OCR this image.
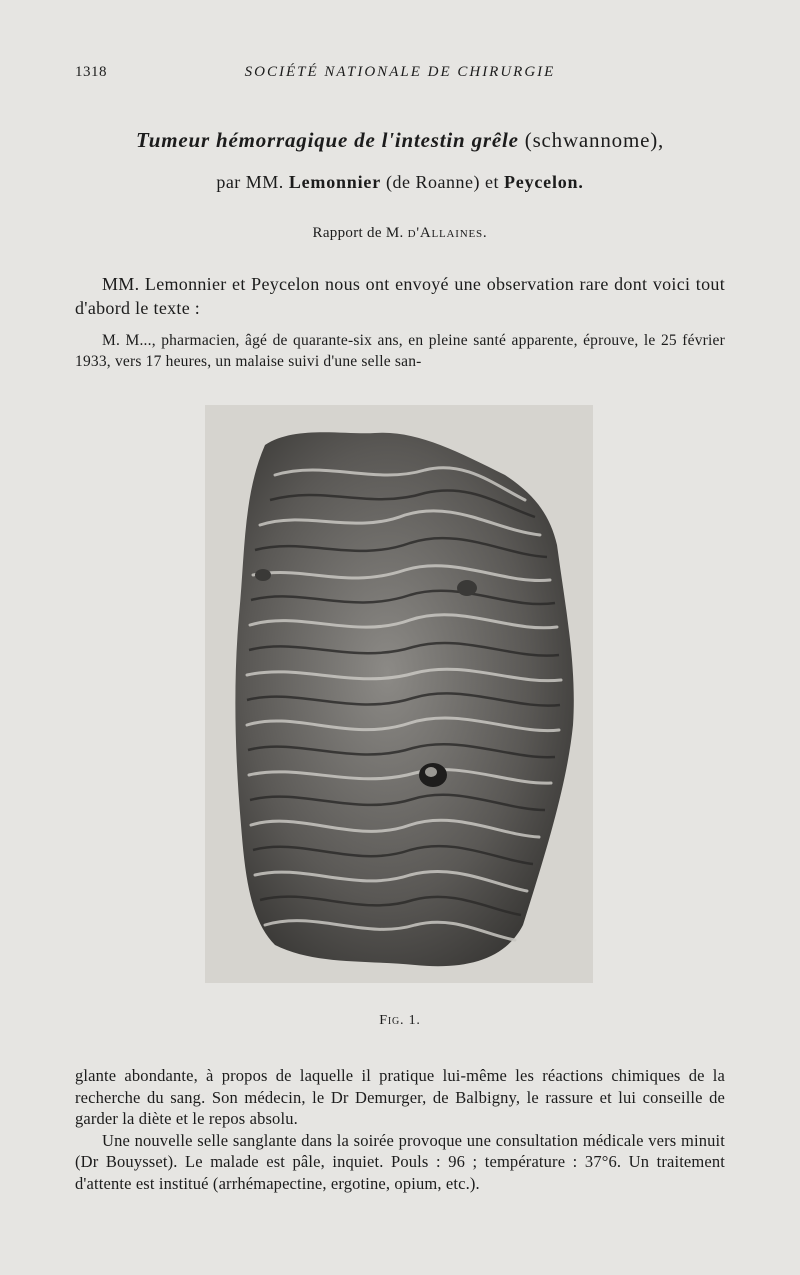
1318	SOCIÉTÉ NATIONALE DE CHIRURGIE
Tumeur hémorragique de l'intestin grêle (schwannome),
par MM. Lemonnier (de Roanne) et Peycelon.
Rapport de M. d'Allaines.

MM. Lemonnier et Peycelon nous ont envoyé une observation rare dont voici tout d'abord le texte :

M. M..., pharmacien, âgé de quarante-six ans, en pleine santé apparente, éprouve, le 25 février 1933, vers 17 heures, un malaise suivi d'une selle san-

Fig. 1.

glante abondante, à propos de laquelle il pratique lui-même les réactions chimiques de la recherche du sang. Son médecin, le Dr Demurger, de Balbigny, le rassure et lui conseille de garder la diète et le repos absolu.

Une nouvelle selle sanglante dans la soirée provoque une consultation médicale vers minuit (Dr Bouysset). Le malade est pâle, inquiet. Pouls : 96 ; température : 37°6. Un traitement d'attente est institué (arrhémapectine, ergotine, opium, etc.).
